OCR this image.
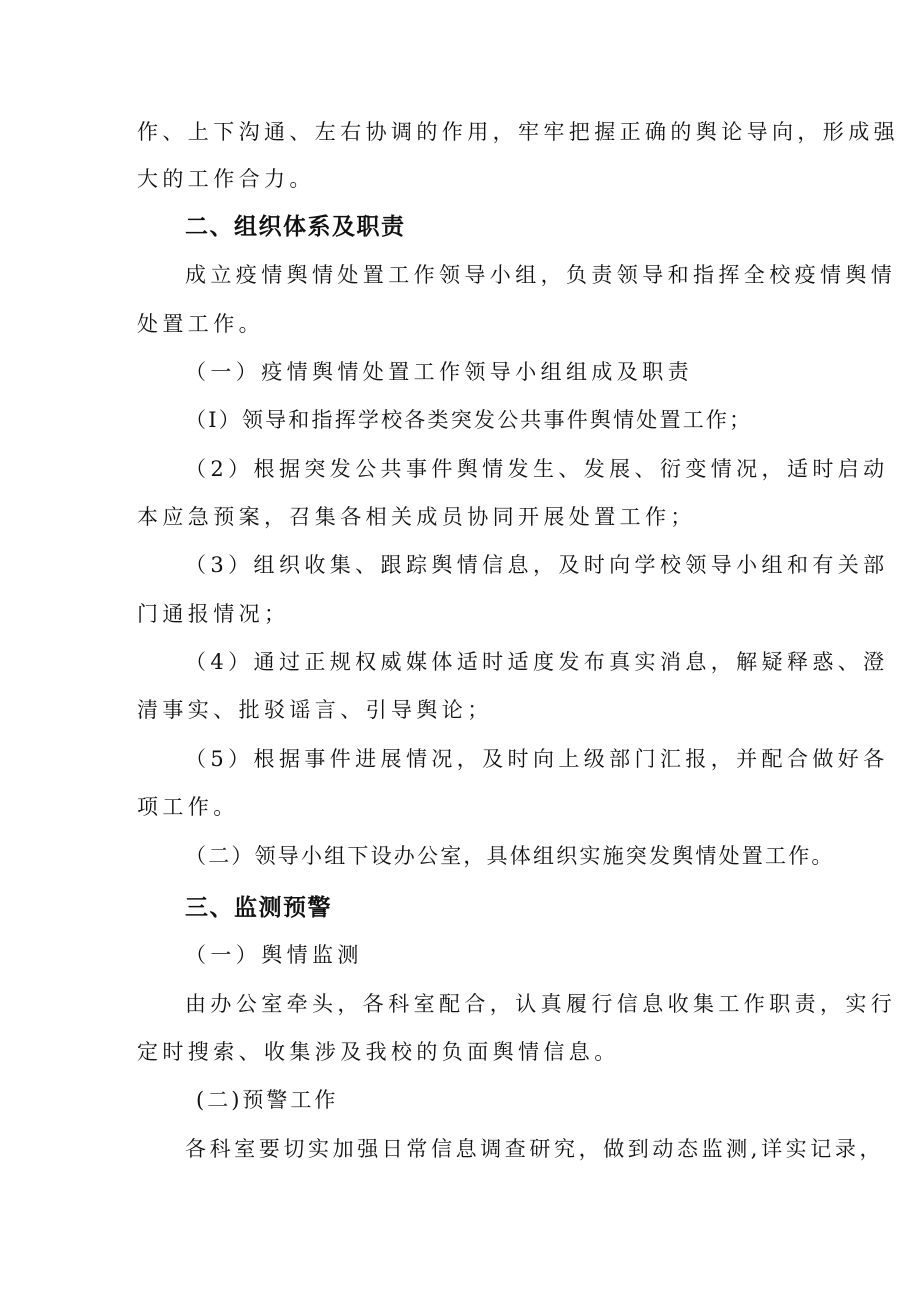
作、上下沟通、左右协调的作用，牢牢把握正确的舆论导向，形成强
大的工作合力。
二、组织体系及职责
成立疫情舆情处置工作领导小组，负责领导和指挥全校疫情舆情
处置工作。
（一）疫情舆情处置工作领导小组组成及职责
（I）领导和指挥学校各类突发公共事件舆情处置工作；
（2）根据突发公共事件舆情发生、发展、衍变情况，适时启动
本应急预案，召集各相关成员协同开展处置工作；
（3）组织收集、跟踪舆情信息，及时向学校领导小组和有关部
门通报情况；
（4）通过正规权威媒体适时适度发布真实消息，解疑释惑、澄
清事实、批驳谣言、引导舆论；
（5）根据事件进展情况，及时向上级部门汇报，并配合做好各
项工作。
（二）领导小组下设办公室，具体组织实施突发舆情处置工作。
三、监测预警
（一）舆情监测
由办公室牵头，各科室配合，认真履行信息收集工作职责，实行
定时搜索、收集涉及我校的负面舆情信息。
(二)预警工作
各科室要切实加强日常信息调查研究，做到动态监测,详实记录，
